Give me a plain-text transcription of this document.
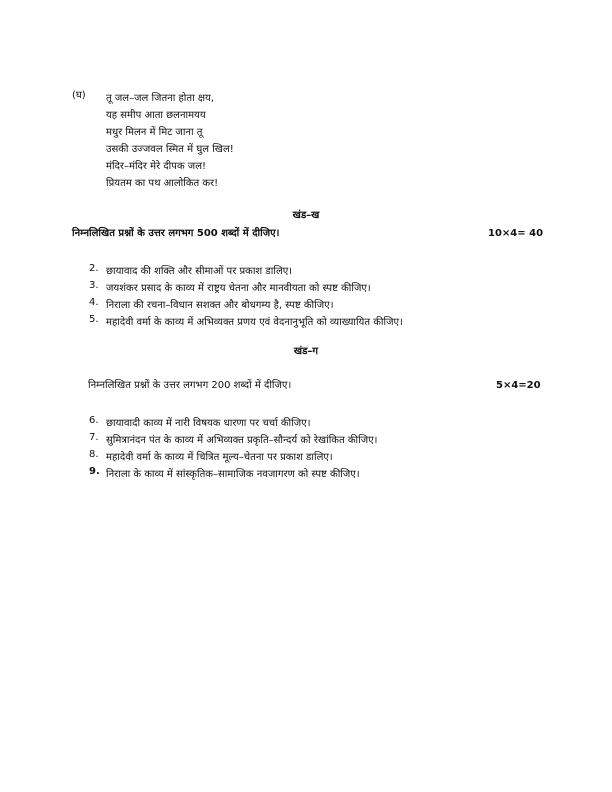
(घ) तू जल–जल जितना होता क्षय,
यह समीप आता छलनामयय
मधुर मिलन में मिट जाना तू
उसकी उज्जवल स्मित में घुल खिल!
मंदिर–मंदिर मेरे दीपक जल!
प्रियतम का पथ आलोकित कर!
खंड–ख
निम्नलिखित प्रश्नों के उत्तर लगभग 500 शब्दों में दीजिए।	10×4= 40
2. छायावाद की शक्ति और सीमाओं पर प्रकाश डालिए।
3. जयशंकर प्रसाद के काव्य में राष्ट्रय चेतना और मानवीयता को स्पष्ट कीजिए।
4. निराला की रचना–विधान सशक्त और बोधगम्य है, स्पष्ट कीजिए।
5. महादेवी वर्मा के काव्य में अभिव्यक्त प्रणय एवं वेदनानुभूति को व्याख्यायित कीजिए।
खंड–ग
निम्नलिखित प्रश्नों के उत्तर लगभग 200 शब्दों में दीजिए।	5×4=20
6. छायावादी काव्य में नारी विषयक धारणा पर चर्चा कीजिए।
7. सुमित्रानंदन पंत के काव्य में अभिव्यक्त प्रकृति–सौन्दर्य को रेखांकित कीजिए।
8. महादेवी वर्मा के काव्य में चित्रित मूल्य–चेतना पर प्रकाश डालिए।
9. निराला के काव्य में सांस्कृतिक–सामाजिक नवजागरण को स्पष्ट कीजिए।
